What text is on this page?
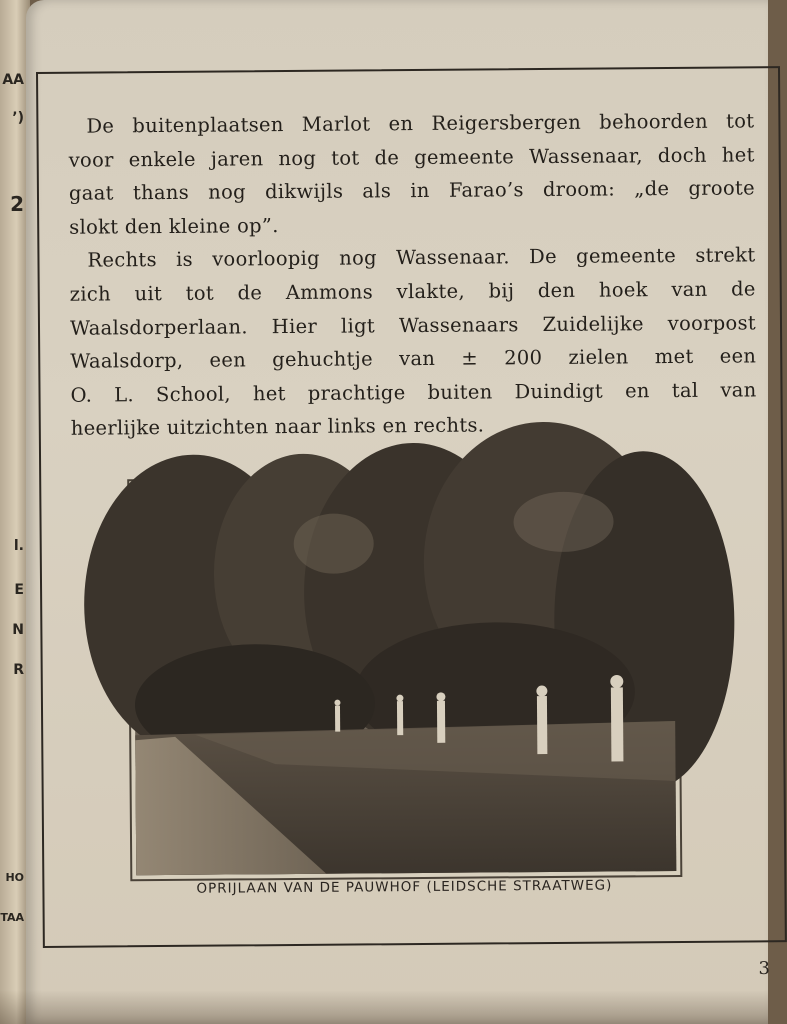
AA
’)
2
l.
E
N
R
HO
TAA

De buitenplaatsen Marlot en Reigersbergen behoorden tot
voor enkele jaren nog tot de gemeente Wassenaar, doch het
gaat thans nog dikwijls als in Farao’s droom: „de groote
slokt den kleine op”.

Rechts is voorloopig nog Wassenaar. De gemeente strekt
zich uit tot de Ammons vlakte, bij den hoek van de
Waalsdorperlaan. Hier ligt Wassenaars Zuidelijke voorpost
Waalsdorp, een gehuchtje van ± 200 zielen met een
O. L. School, het prachtige buiten Duindigt en tal van
heerlijke uitzichten naar links en rechts.

OPRIJLAAN VAN DE PAUWHOF (LEIDSCHE STRAATWEG)
3
